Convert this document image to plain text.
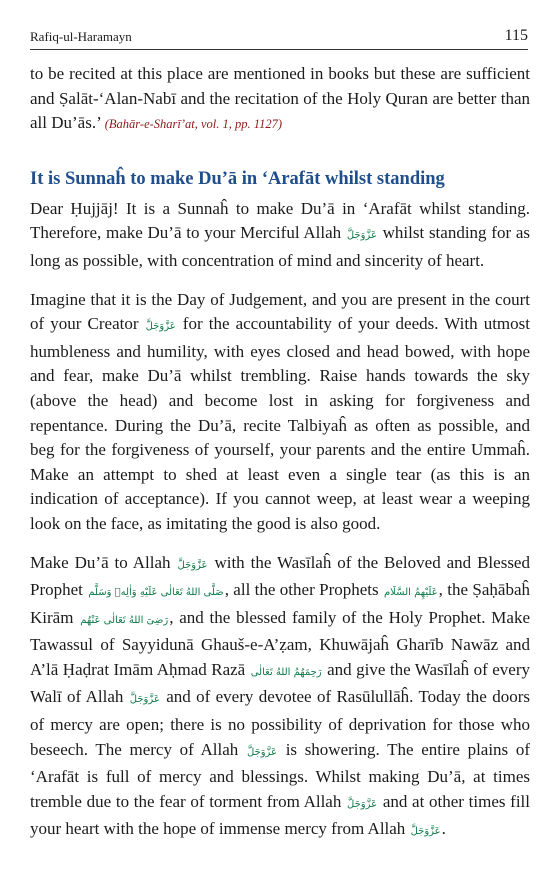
Rafiq-ul-Haramayn	115

to be recited at this place are mentioned in books but these are sufficient and Ṣalāt-‘Alan-Nabī and the recitation of the Holy Quran are better than all Du’ās.’ (Bahār-e-Sharī’at, vol. 1, pp. 1127)

It is Sunnaĥ to make Du’ā in ‘Arafāt whilst standing

Dear Ḥujjāj! It is a Sunnaĥ to make Du’ā in ‘Arafāt whilst standing. Therefore, make Du’ā to your Merciful Allah عَزَّوَجَلَّ whilst standing for as long as possible, with concentration of mind and sincerity of heart.

Imagine that it is the Day of Judgement, and you are present in the court of your Creator عَزَّوَجَلَّ for the accountability of your deeds. With utmost humbleness and humility, with eyes closed and head bowed, with hope and fear, make Du’ā whilst trembling. Raise hands towards the sky (above the head) and become lost in asking for forgiveness and repentance. During the Du’ā, recite Talbiyaĥ as often as possible, and beg for the forgiveness of yourself, your parents and the entire Ummaĥ. Make an attempt to shed at least even a single tear (as this is an indication of acceptance). If you cannot weep, at least wear a weeping look on the face, as imitating the good is also good.

Make Du’ā to Allah عَزَّوَجَلَّ with the Wasīlaĥ of the Beloved and Blessed Prophet صَلَّى اللهُ تَعَالٰی عَلَيْهِ وَاٰلِهٖ وَسَلَّم, all the other Prophets عَلَيْهِمُ السَّلَام, the Ṣaḥābaĥ Kirām رَضِیَ اللهُ تَعَالٰی عَنْهُم, and the blessed family of the Holy Prophet. Make Tawassul of Sayyidunā Ghauš-e-A’ẓam, Khuwājaĥ Gharīb Nawāz and A’lā Ḥaḍrat Imām Aḥmad Razā رَحِمَهُمُ اللهُ تَعَالٰی and give the Wasīlaĥ of every Walī of Allah عَزَّوَجَلَّ and of every devotee of Rasūlullāĥ. Today the doors of mercy are open; there is no possibility of deprivation for those who beseech. The mercy of Allah عَزَّوَجَلَّ is showering. The entire plains of ‘Arafāt is full of mercy and blessings. Whilst making Du’ā, at times tremble due to the fear of torment from Allah عَزَّوَجَلَّ and at other times fill your heart with the hope of immense mercy from Allah عَزَّوَجَلَّ.
